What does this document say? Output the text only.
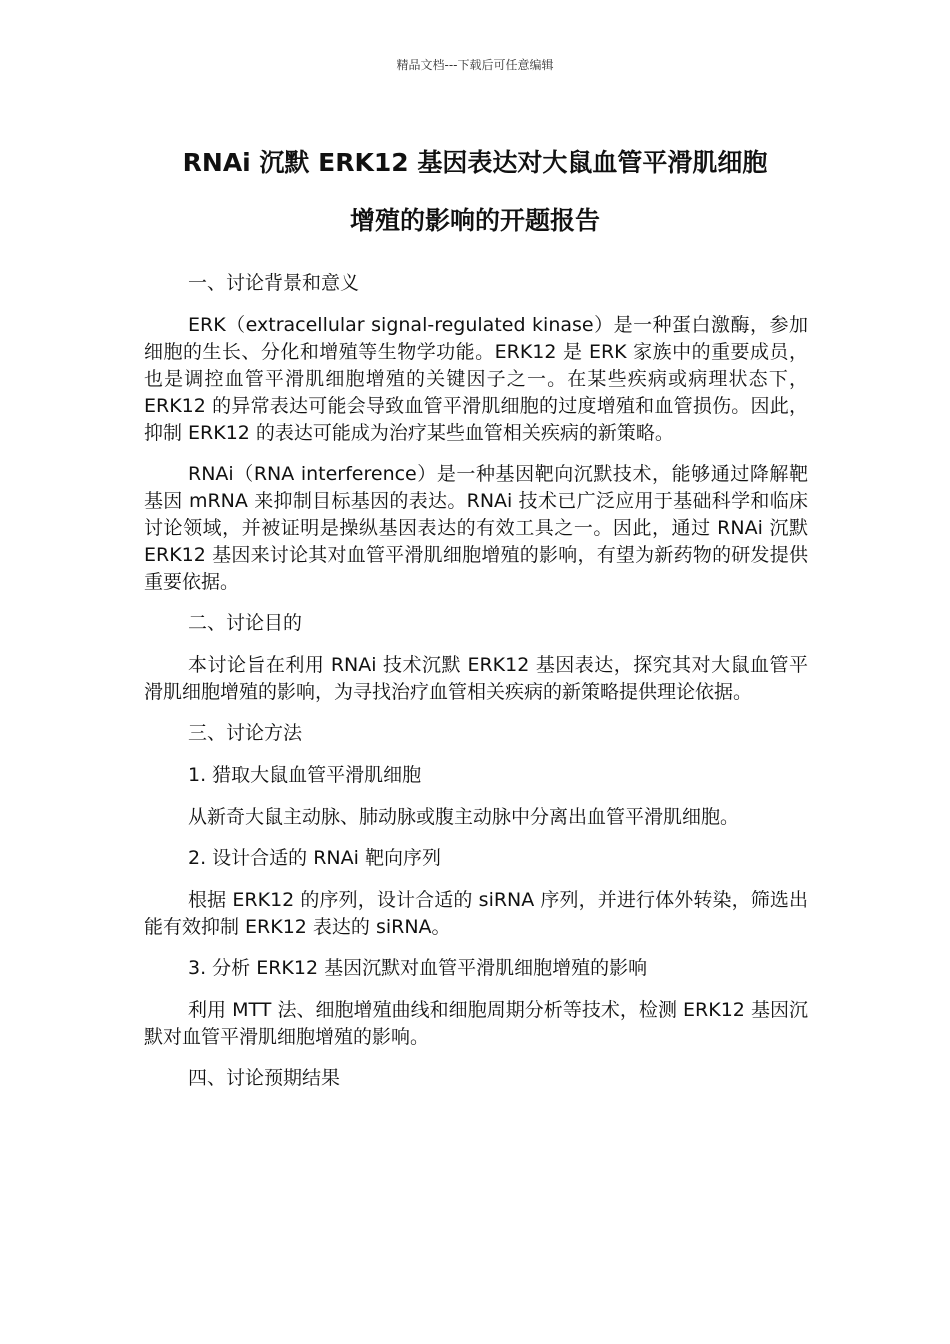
精品文档---下载后可任意编辑
RNAi 沉默 ERK12 基因表达对大鼠血管平滑肌细胞
增殖的影响的开题报告

一、讨论背景和意义

ERK（extracellular signal-regulated kinase）是一种蛋白激酶，参加细胞的生长、分化和增殖等生物学功能。ERK12 是 ERK 家族中的重要成员，也是调控血管平滑肌细胞增殖的关键因子之一。在某些疾病或病理状态下，ERK12 的异常表达可能会导致血管平滑肌细胞的过度增殖和血管损伤。因此，抑制 ERK12 的表达可能成为治疗某些血管相关疾病的新策略。

RNAi（RNA interference）是一种基因靶向沉默技术，能够通过降解靶基因 mRNA 来抑制目标基因的表达。RNAi 技术已广泛应用于基础科学和临床讨论领域，并被证明是操纵基因表达的有效工具之一。因此，通过 RNAi 沉默 ERK12 基因来讨论其对血管平滑肌细胞增殖的影响，有望为新药物的研发提供重要依据。

二、讨论目的

本讨论旨在利用 RNAi 技术沉默 ERK12 基因表达，探究其对大鼠血管平滑肌细胞增殖的影响，为寻找治疗血管相关疾病的新策略提供理论依据。

三、讨论方法

1. 猎取大鼠血管平滑肌细胞

从新奇大鼠主动脉、肺动脉或腹主动脉中分离出血管平滑肌细胞。

2. 设计合适的 RNAi 靶向序列

根据 ERK12 的序列，设计合适的 siRNA 序列，并进行体外转染，筛选出能有效抑制 ERK12 表达的 siRNA。

3. 分析 ERK12 基因沉默对血管平滑肌细胞增殖的影响

利用 MTT 法、细胞增殖曲线和细胞周期分析等技术，检测 ERK12 基因沉默对血管平滑肌细胞增殖的影响。

四、讨论预期结果
